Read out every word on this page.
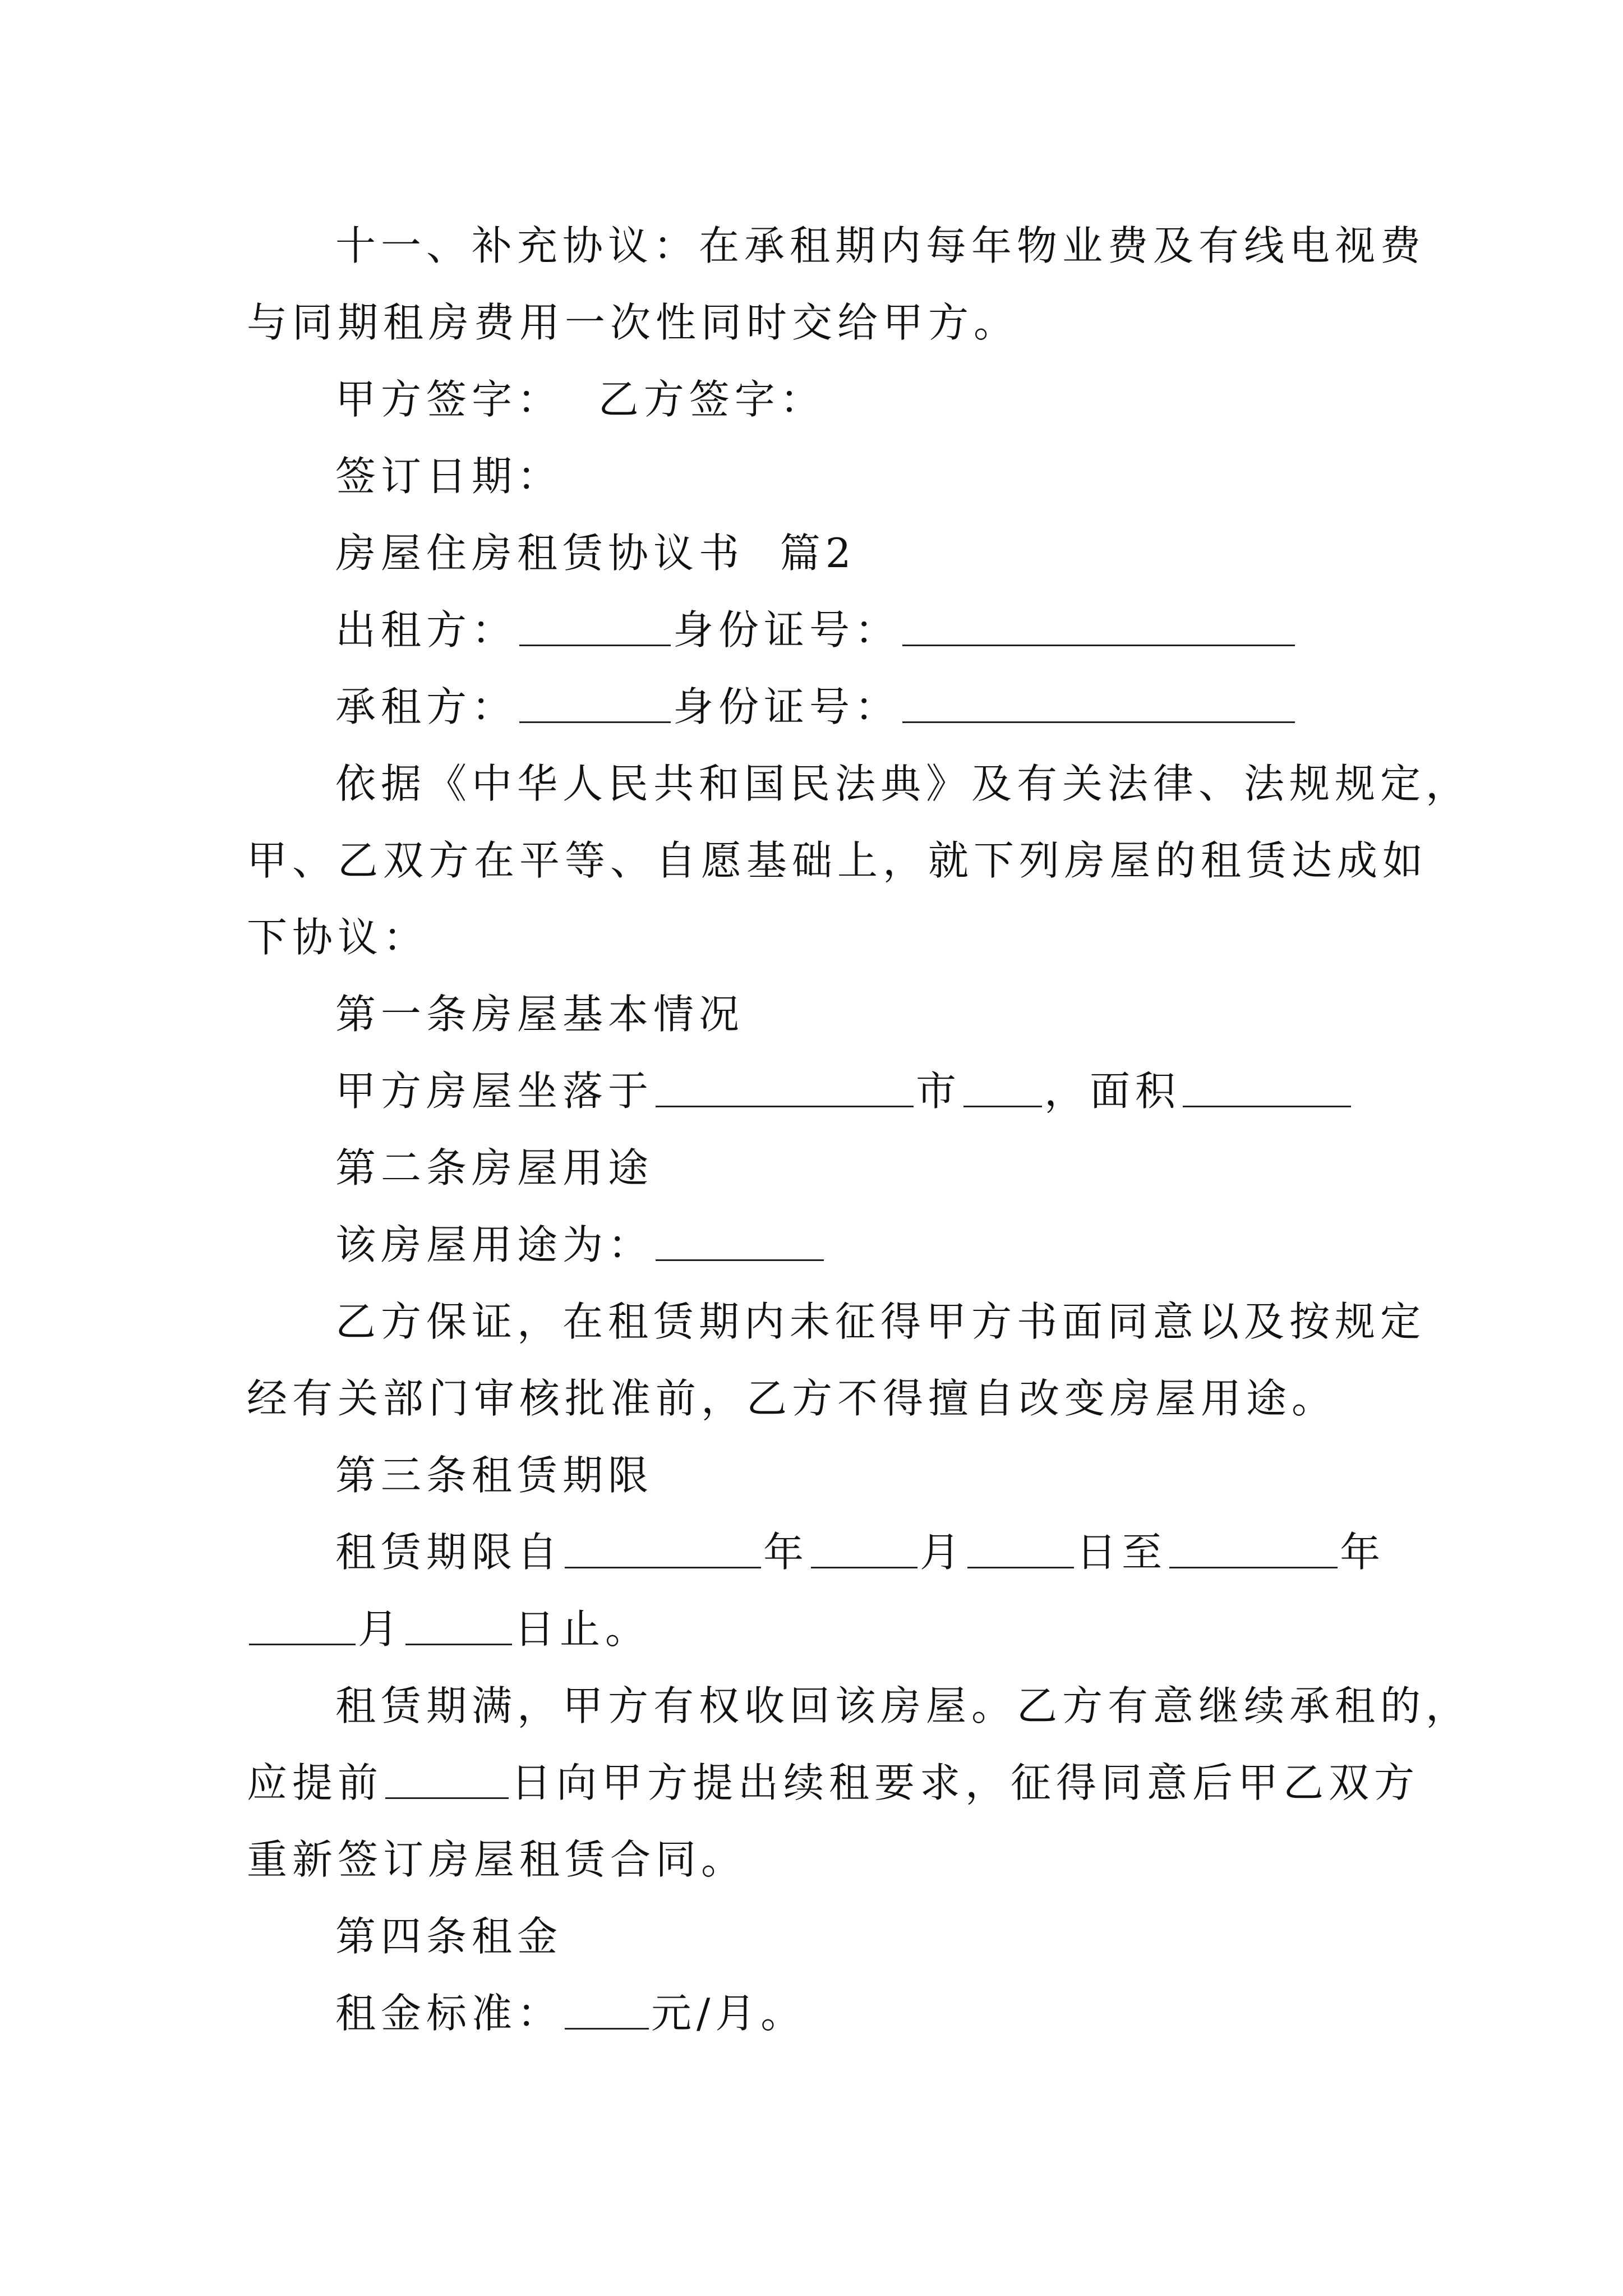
十一、补充协议：在承租期内每年物业费及有线电视费
与同期租房费用一次性同时交给甲方。
甲方签字：  乙方签字：
签订日期：
房屋住房租赁协议书  篇2
出租方：	身份证号：
承租方：	身份证号：
依据《中华人民共和国民法典》及有关法律、法规规定，
甲、乙双方在平等、自愿基础上，就下列房屋的租赁达成如
下协议：
第一条房屋基本情况
甲方房屋坐落于	市 ，面积
第二条房屋用途
该房屋用途为：
乙方保证，在租赁期内未征得甲方书面同意以及按规定
经有关部门审核批准前，乙方不得擅自改变房屋用途。
第三条租赁期限
租赁期限自	年	月	日至	年
月	日止。
租赁期满，甲方有权收回该房屋。乙方有意继续承租的，
应提前	日向甲方提出续租要求，征得同意后甲乙双方
重新签订房屋租赁合同。
第四条租金
租金标准： 元/月。
